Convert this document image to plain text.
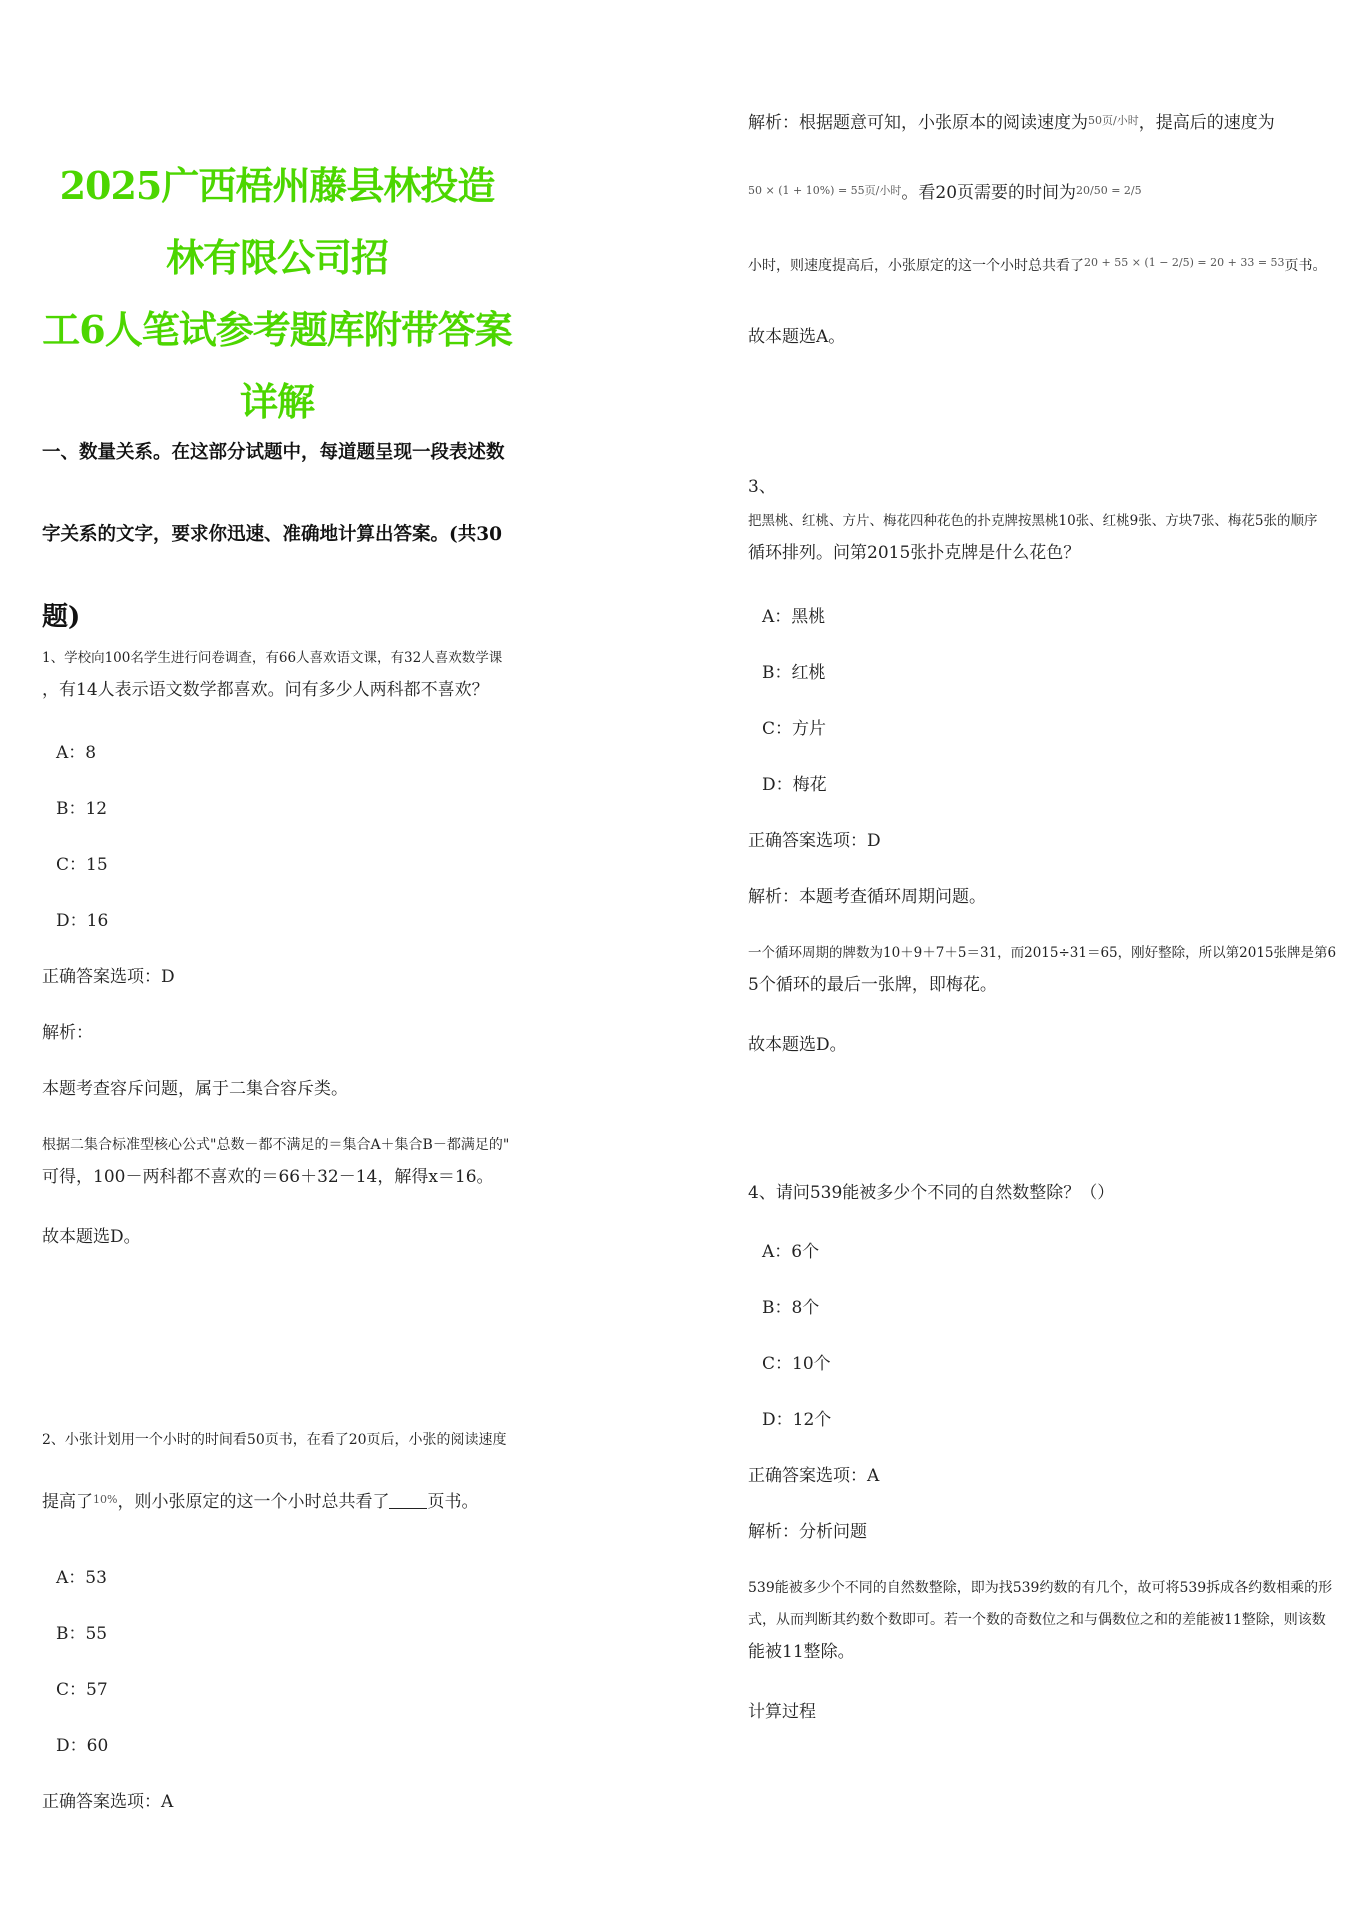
2025广西梧州藤县林投造林有限公司招
工6人笔试参考题库附带答案详解
一、数量关系。在这部分试题中，每道题呈现一段表述数
字关系的文字，要求你迅速、准确地计算出答案。(共30
题)
1、学校向100名学生进行问卷调查，有66人喜欢语文课，有32人喜欢数学课
，有14人表示语文数学都喜欢。问有多少人两科都不喜欢？
A：8
B：12
C：15
D：16
正确答案选项：D
解析：
本题考查容斥问题，属于二集合容斥类。
根据二集合标准型核心公式"总数－都不满足的＝集合A＋集合B－都满足的"
可得，100－两科都不喜欢的＝66＋32－14，解得x＝16。
故本题选D。
2、小张计划用一个小时的时间看50页书，在看了20页后，小张的阅读速度
提高了$^{10\%}$，则小张原定的这一个小时总共看了 页书。
A：53
B：55
C：57
D：60
正确答案选项：A
解析：根据题意可知，小张原本的阅读速度为$^{50页/小时}$，提高后的速度为
$^{50 \times (1 + 10\%) = 55页/小时}$。看20页需要的时间为$^{20/50 = 2/5}$
小时，则速度提高后，小张原定的这一个小时总共看了$^{20 + 55 \times (1 - 2/5) = 20 + 33 = 53}$页书。
故本题选A。
3、
把黑桃、红桃、方片、梅花四种花色的扑克牌按黑桃10张、红桃9张、方块7张、梅花5张的顺序
循环排列。问第2015张扑克牌是什么花色？
A：黑桃
B：红桃
C：方片
D：梅花
正确答案选项：D
解析：本题考查循环周期问题。
一个循环周期的牌数为10＋9＋7＋5＝31，而2015÷31＝65，刚好整除，所以第2015张牌是第6
5个循环的最后一张牌，即梅花。
故本题选D。
4、请问539能被多少个不同的自然数整除？（）
A：6个
B：8个
C：10个
D：12个
正确答案选项：A
解析：分析问题
539能被多少个不同的自然数整除，即为找539约数的有几个，故可将539拆成各约数相乘的形
式，从而判断其约数个数即可。若一个数的奇数位之和与偶数位之和的差能被11整除，则该数
能被11整除。
计算过程
